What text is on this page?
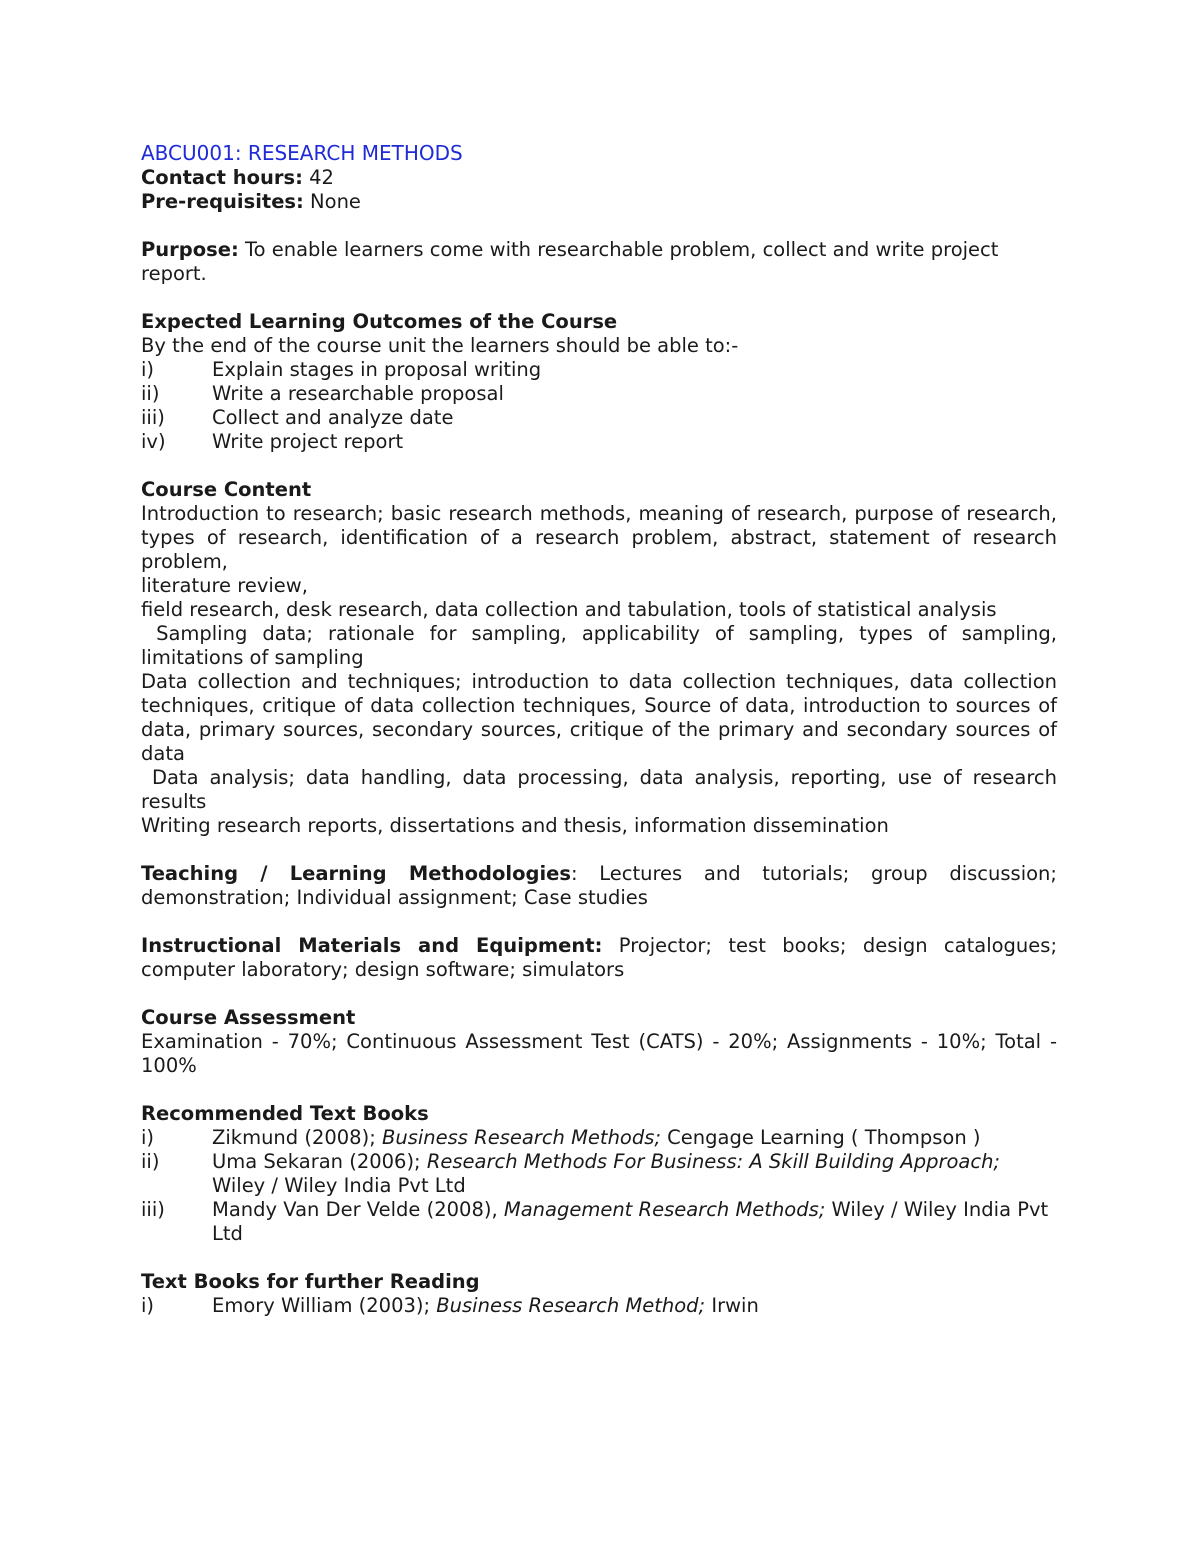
ABCU001: RESEARCH METHODS

Contact hours: 42

Pre-requisites: None

Purpose: To enable learners come with researchable problem, collect and write project report.

Expected Learning Outcomes of the Course

By the end of the course unit the learners should be able to:-

i)	Explain stages in proposal writing
ii)	Write a researchable proposal
iii)	Collect and analyze date
iv)	Write project report

Course Content

Introduction to research; basic research methods, meaning of research, purpose of research, types of research, identification of a research problem, abstract, statement of research problem,

literature review,

field research, desk research, data collection and tabulation, tools of statistical analysis

Sampling data; rationale for sampling, applicability of sampling, types of sampling, limitations of sampling

Data collection and techniques; introduction to data collection techniques, data collection techniques, critique of data collection techniques, Source of data, introduction to sources of data, primary sources, secondary sources, critique of the primary and secondary sources of data

Data analysis; data handling, data processing, data analysis, reporting, use of research results

Writing research reports, dissertations and thesis, information dissemination

Teaching / Learning Methodologies: Lectures and tutorials; group discussion; demonstration; Individual assignment; Case studies

Instructional Materials and Equipment: Projector; test books; design catalogues; computer laboratory; design software; simulators

Course Assessment

Examination - 70%; Continuous Assessment Test (CATS) - 20%; Assignments - 10%; Total - 100%

Recommended Text Books

i)	Zikmund (2008); Business Research Methods; Cengage Learning ( Thompson )
ii)	Uma Sekaran (2006); Research Methods For Business: A Skill Building Approach; Wiley / Wiley India Pvt Ltd
iii)	Mandy Van Der Velde (2008), Management Research Methods; Wiley / Wiley India Pvt Ltd

Text Books for further Reading

i)	Emory William (2003); Business Research Method; Irwin
